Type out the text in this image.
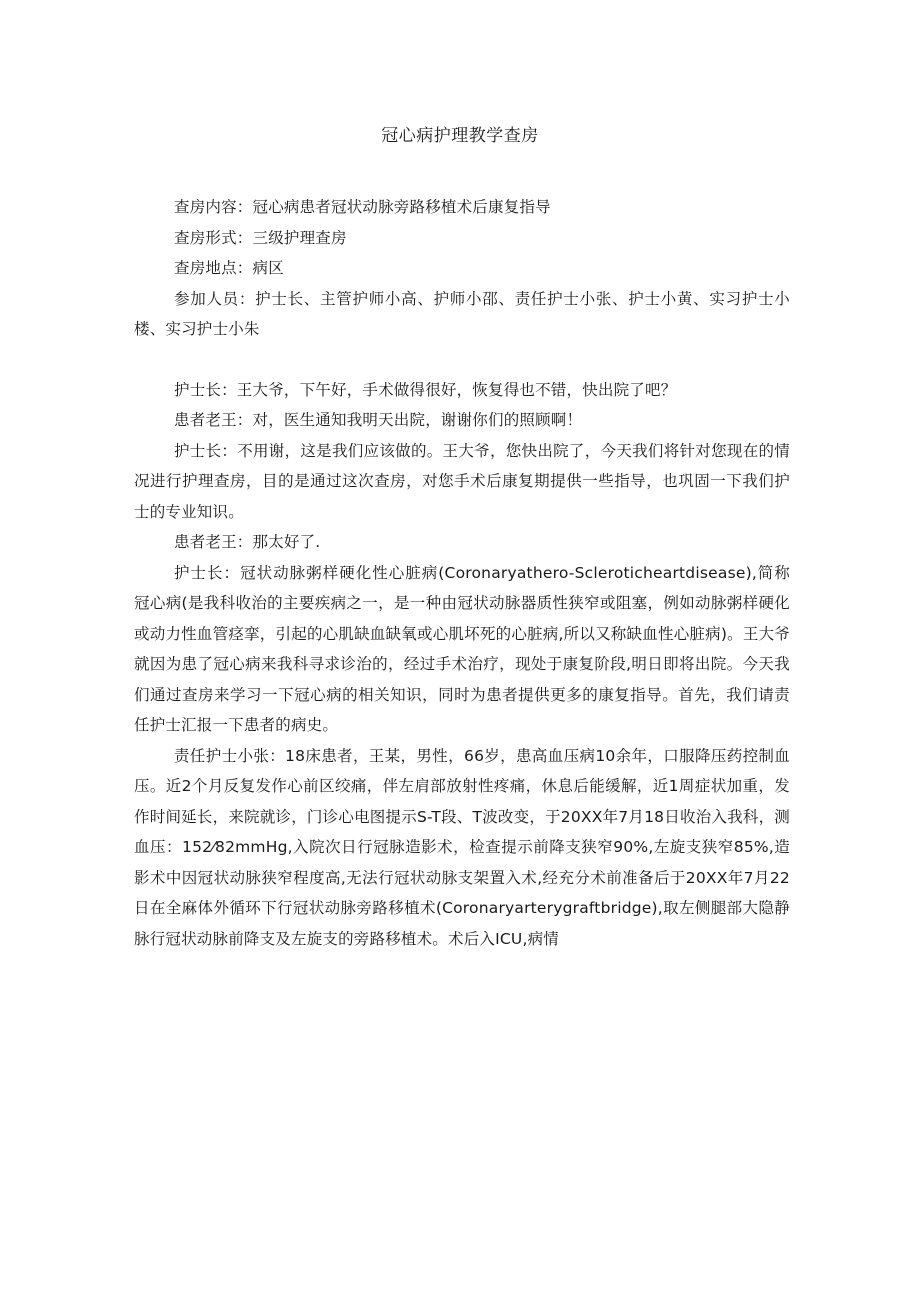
冠心病护理教学查房

查房内容：冠心病患者冠状动脉旁路移植术后康复指导

查房形式：三级护理查房

查房地点：病区

参加人员：护士长、主管护师小高、护师小邵、责任护士小张、护士小黄、实习护士小楼、实习护士小朱

护士长：王大爷，下午好，手术做得很好，恢复得也不错，快出院了吧？

患者老王：对，医生通知我明天出院，谢谢你们的照顾啊！

护士长：不用谢，这是我们应该做的。王大爷，您快出院了，今天我们将针对您现在的情况进行护理查房，目的是通过这次查房，对您手术后康复期提供一些指导，也巩固一下我们护士的专业知识。

患者老王：那太好了.

护士长：冠状动脉粥样硬化性心脏病(Coronaryathero-Scleroticheartdisease),简称冠心病(是我科收治的主要疾病之一，是一种由冠状动脉器质性狭窄或阻塞，例如动脉粥样硬化或动力性血管痉挛，引起的心肌缺血缺氧或心肌坏死的心脏病,所以又称缺血性心脏病)。王大爷就因为患了冠心病来我科寻求诊治的，经过手术治疗，现处于康复阶段,明日即将出院。今天我们通过查房来学习一下冠心病的相关知识，同时为患者提供更多的康复指导。首先，我们请责任护士汇报一下患者的病史。

责任护士小张：18床患者，王某，男性，66岁，患高血压病10余年，口服降压药控制血压。近2个月反复发作心前区绞痛，伴左肩部放射性疼痛，休息后能缓解，近1周症状加重，发作时间延长，来院就诊，门诊心电图提示S-T段、T波改变，于20XX年7月18日收治入我科，测血压：152⁄82mmHg,入院次日行冠脉造影术，检查提示前降支狭窄90%,左旋支狭窄85%,造影术中因冠状动脉狭窄程度高,无法行冠状动脉支架置入术,经充分术前准备后于20XX年7月22日在全麻体外循环下行冠状动脉旁路移植术(Coronaryarterygraftbridge),取左侧腿部大隐静脉行冠状动脉前降支及左旋支的旁路移植术。术后入ICU,病情
